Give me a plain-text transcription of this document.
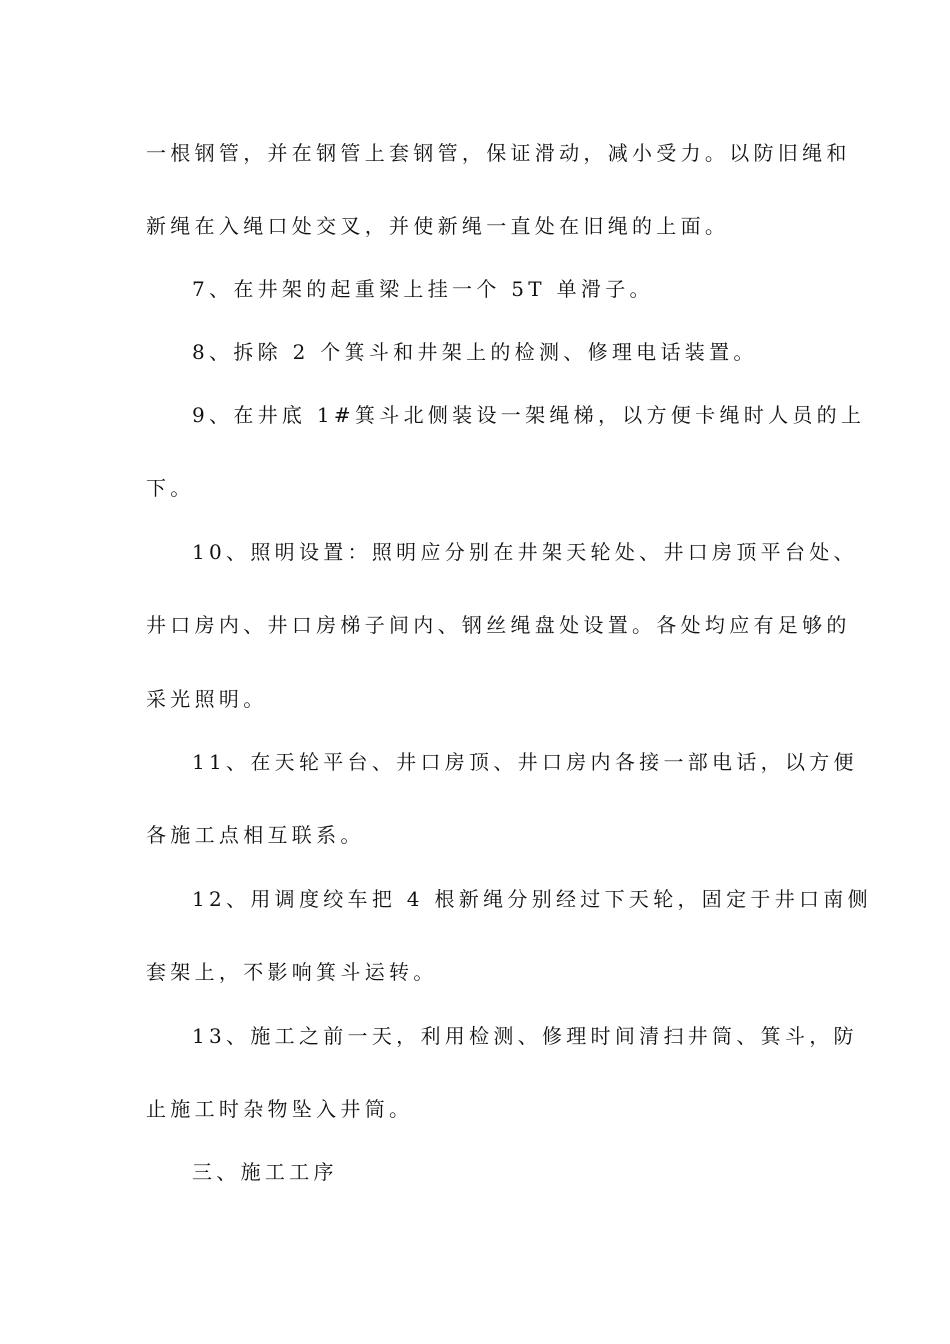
一根钢管，并在钢管上套钢管，保证滑动，减小受力。以防旧绳和
新绳在入绳口处交叉，并使新绳一直处在旧绳的上面。
7、在井架的起重梁上挂一个 5T 单滑子。
8、拆除 2 个箕斗和井架上的检测、修理电话装置。
9、在井底 1#箕斗北侧装设一架绳梯，以方便卡绳时人员的上
下。
10、照明设置：照明应分别在井架天轮处、井口房顶平台处、
井口房内、井口房梯子间内、钢丝绳盘处设置。各处均应有足够的
采光照明。
11、在天轮平台、井口房顶、井口房内各接一部电话，以方便
各施工点相互联系。
12、用调度绞车把 4 根新绳分别经过下天轮，固定于井口南侧
套架上，不影响箕斗运转。
13、施工之前一天，利用检测、修理时间清扫井筒、箕斗，防
止施工时杂物坠入井筒。
三、施工工序
